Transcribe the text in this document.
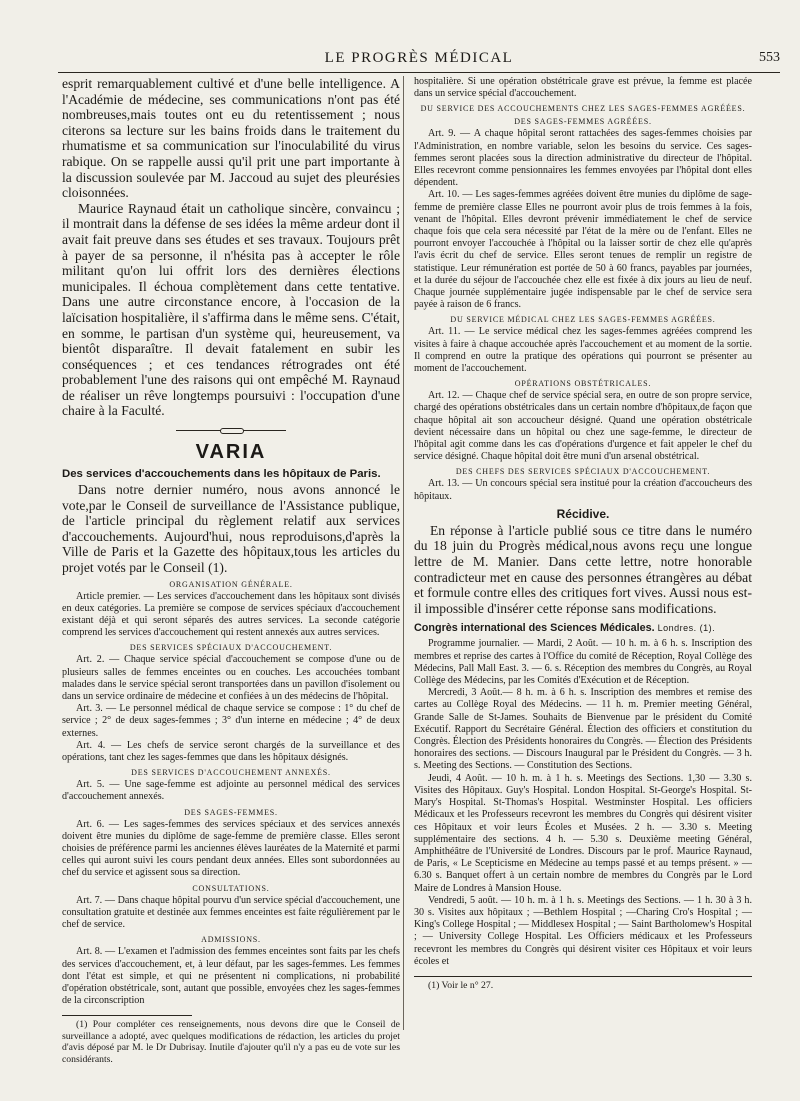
LE PROGRÈS MÉDICAL	553

esprit remarquablement cultivé et d'une belle intelligence. A l'Académie de médecine, ses communications n'ont pas été nombreuses,mais toutes ont eu du retentissement ; nous citerons sa lecture sur les bains froids dans le traitement du rhumatisme et sa communication sur l'inoculabilité du virus rabique. On se rappelle aussi qu'il prit une part importante à la discussion soulevée par M. Jaccoud au sujet des pleurésies cloisonnées.

Maurice Raynaud était un catholique sincère, convaincu ; il montrait dans la défense de ses idées la même ardeur dont il avait fait preuve dans ses études et ses travaux. Toujours prêt à payer de sa personne, il n'hésita pas à accepter le rôle militant qu'on lui offrit lors des dernières élections municipales. Il échoua complètement dans cette tentative. Dans une autre circonstance encore, à l'occasion de la laïcisation hospitalière, il s'affirma dans le même sens. C'était, en somme, le partisan d'un système qui, heureusement, va bientôt disparaître. Il devait fatalement en subir les conséquences ; et ces tendances rétrogrades ont été probablement l'une des raisons qui ont empêché M. Raynaud de réaliser un rêve longtemps poursuivi : l'occupation d'une chaire à la Faculté.

VARIA
Des services d'accouchements dans les hôpitaux de Paris.

Dans notre dernier numéro, nous avons annoncé le vote,par le Conseil de surveillance de l'Assistance publique, de l'article principal du règlement relatif aux services d'accouchements. Aujourd'hui, nous reproduisons,d'après la Ville de Paris et la Gazette des hôpitaux,tous les articles du projet votés par le Conseil (1).

ORGANISATION GÉNÉRALE.

Article premier. — Les services d'accouchement dans les hôpitaux sont divisés en deux catégories. La première se compose de services spéciaux d'accouchement existant déjà et qui seront séparés des autres services. La seconde catégorie comprend les services d'accouchement qui restent annexés aux autres services.

DES SERVICES SPÉCIAUX D'ACCOUCHEMENT.

Art. 2. — Chaque service spécial d'accouchement se compose d'une ou de plusieurs salles de femmes enceintes ou en couches. Les accouchées tombant malades dans le service spécial seront transportées dans un pavillon d'isolement ou dans un service ordinaire de médecine et confiées à un des médecins de l'hôpital.

Art. 3. — Le personnel médical de chaque service se compose : 1° du chef de service ; 2° de deux sages-femmes ; 3° d'un interne en médecine ; 4° de deux externes.

Art. 4. — Les chefs de service seront chargés de la surveillance et des opérations, tant chez les sages-femmes que dans les hôpitaux désignés.

DES SERVICES D'ACCOUCHEMENT ANNEXÉS.

Art. 5. — Une sage-femme est adjointe au personnel médical des services d'accouchement annexés.

DES SAGES-FEMMES.

Art. 6. — Les sages-femmes des services spéciaux et des services annexés doivent être munies du diplôme de sage-femme de première classe. Elles seront choisies de préférence parmi les anciennes élèves lauréates de la Maternité et parmi celles qui auront suivi les cours pendant deux années. Elles sont subordonnées au chef du service et agissent sous sa direction.

CONSULTATIONS.

Art. 7. — Dans chaque hôpital pourvu d'un service spécial d'accouchement, une consultation gratuite et destinée aux femmes enceintes est faite régulièrement par le chef de service.

ADMISSIONS.

Art. 8. — L'examen et l'admission des femmes enceintes sont faits par les chefs des services d'accouchement, et, à leur défaut, par les sages-femmes. Les femmes dont l'état est simple, et qui ne présentent ni complications, ni probabilité d'opération obstétricale, sont, autant que possible, envoyées chez les sages-femmes de la circonscription

(1) Pour compléter ces renseignements, nous devons dire que le Conseil de surveillance a adopté, avec quelques modifications de rédaction, les articles du projet d'avis déposé par M. le Dr Dubrisay. Inutile d'ajouter qu'il n'y a pas eu de vote sur les considérants.

hospitalière. Si une opération obstétricale grave est prévue, la femme est placée dans un service spécial d'accouchement.

DU SERVICE DES ACCOUCHEMENTS CHEZ LES SAGES-FEMMES AGRÉÉES.
DES SAGES-FEMMES AGRÉÉES.

Art. 9. — A chaque hôpital seront rattachées des sages-femmes choisies par l'Administration, en nombre variable, selon les besoins du service. Ces sages-femmes seront placées sous la direction administrative du directeur de l'hôpital. Elles recevront comme pensionnaires les femmes envoyées par l'hôpital dont elles dépendent.

Art. 10. — Les sages-femmes agréées doivent être munies du diplôme de sage-femme de première classe Elles ne pourront avoir plus de trois femmes à la fois, venant de l'hôpital. Elles devront prévenir immédiatement le chef de service chaque fois que cela sera nécessité par l'état de la mère ou de l'enfant. Elles ne pourront envoyer l'accouchée à l'hôpital ou la laisser sortir de chez elle qu'après l'avis écrit du chef de service. Elles seront tenues de remplir un registre de statistique. Leur rémunération est portée de 50 à 60 francs, payables par journées, et la durée du séjour de l'accouchée chez elle est fixée à dix jours au lieu de neuf. Chaque journée supplémentaire jugée indispensable par le chef de service sera payée à raison de 6 francs.

DU SERVICE MÉDICAL CHEZ LES SAGES-FEMMES AGRÉÉES.

Art. 11. — Le service médical chez les sages-femmes agréées comprend les visites à faire à chaque accouchée après l'accouchement et au moment de la sortie. Il comprend en outre la pratique des opérations qui pourront se présenter au moment de l'accouchement.

OPÉRATIONS OBSTÉTRICALES.

Art. 12. — Chaque chef de service spécial sera, en outre de son propre service, chargé des opérations obstétricales dans un certain nombre d'hôpitaux,de façon que chaque hôpital ait son accoucheur désigné. Quand une opération obstétricale devient nécessaire dans un hôpital ou chez une sage-femme, le directeur de l'hôpital agit comme dans les cas d'opérations d'urgence et fait appeler le chef du service désigné. Chaque hôpital doit être muni d'un arsenal obstétrical.

DES CHEFS DES SERVICES SPÉCIAUX D'ACCOUCHEMENT.

Art. 13. — Un concours spécial sera institué pour la création d'accoucheurs des hôpitaux.

Récidive.

En réponse à l'article publié sous ce titre dans le numéro du 18 juin du Progrès médical,nous avons reçu une longue lettre de M. Manier. Dans cette lettre, notre honorable contradicteur met en cause des personnes étrangères au débat et formule contre elles des critiques fort vives. Aussi nous est-il impossible d'insérer cette réponse sans modifications.

Congrès international des Sciences Médicales. Londres. (1).

Programme journalier. — Mardi, 2 Août. — 10 h. m. à 6 h. s. Inscription des membres et reprise des cartes à l'Office du comité de Réception, Royal Collège des Médecins, Pall Mall East. 3. — 6. s. Réception des membres du Congrès, au Royal Collège des Médecins, par les Comités d'Exécution et de Réception.

Mercredi, 3 Août.— 8 h. m. à 6 h. s. Inscription des membres et remise des cartes au Collège Royal des Médecins. — 11 h. m. Premier meeting Général, Grande Salle de St-James. Souhaits de Bienvenue par le président du Comité Exécutif. Rapport du Secrétaire Général. Élection des officiers et constitution du Congrès. Élection des Présidents honoraires du Congrès. — Élection des Présidents honoraires des sections. — Discours Inaugural par le Président du Congrès. — 3 h. s. Meeting des Sections. — Constitution des Sections.

Jeudi, 4 Août. — 10 h. m. à 1 h. s. Meetings des Sections. 1,30 — 3.30 s. Visites des Hôpitaux. Guy's Hospital. London Hospital. St-George's Hospital. St-Mary's Hospital. St-Thomas's Hospital. Westminster Hospital. Les officiers Médicaux et les Professeurs recevront les membres du Congrès qui désirent visiter ces Hôpitaux et voir leurs Écoles et Musées. 2 h. — 3.30 s. Meeting supplémentaire des sections. 4 h. — 5.30 s. Deuxième meeting Général, Amphithéâtre de l'Université de Londres. Discours par le prof. Maurice Raynaud, de Paris, « Le Scepticisme en Médecine au temps passé et au temps présent. » — 6.30 s. Banquet offert à un certain nombre de membres du Congrès par le Lord Maire de Londres à Mansion House.

Vendredi, 5 août. — 10 h. m. à 1 h. s. Meetings des Sections. — 1 h. 30 à 3 h. 30 s. Visites aux hôpitaux ; —Bethlem Hospital ; —Charing Cro's Hospital ; — King's College Hospital ; — Middlesex Hospital ; — Saint Bartholomew's Hospital ; — University College Hospital. Les Officiers médicaux et les Professeurs recevront les membres du Congrès qui désirent visiter ces Hôpitaux et voir leurs écoles et

(1) Voir le n° 27.
